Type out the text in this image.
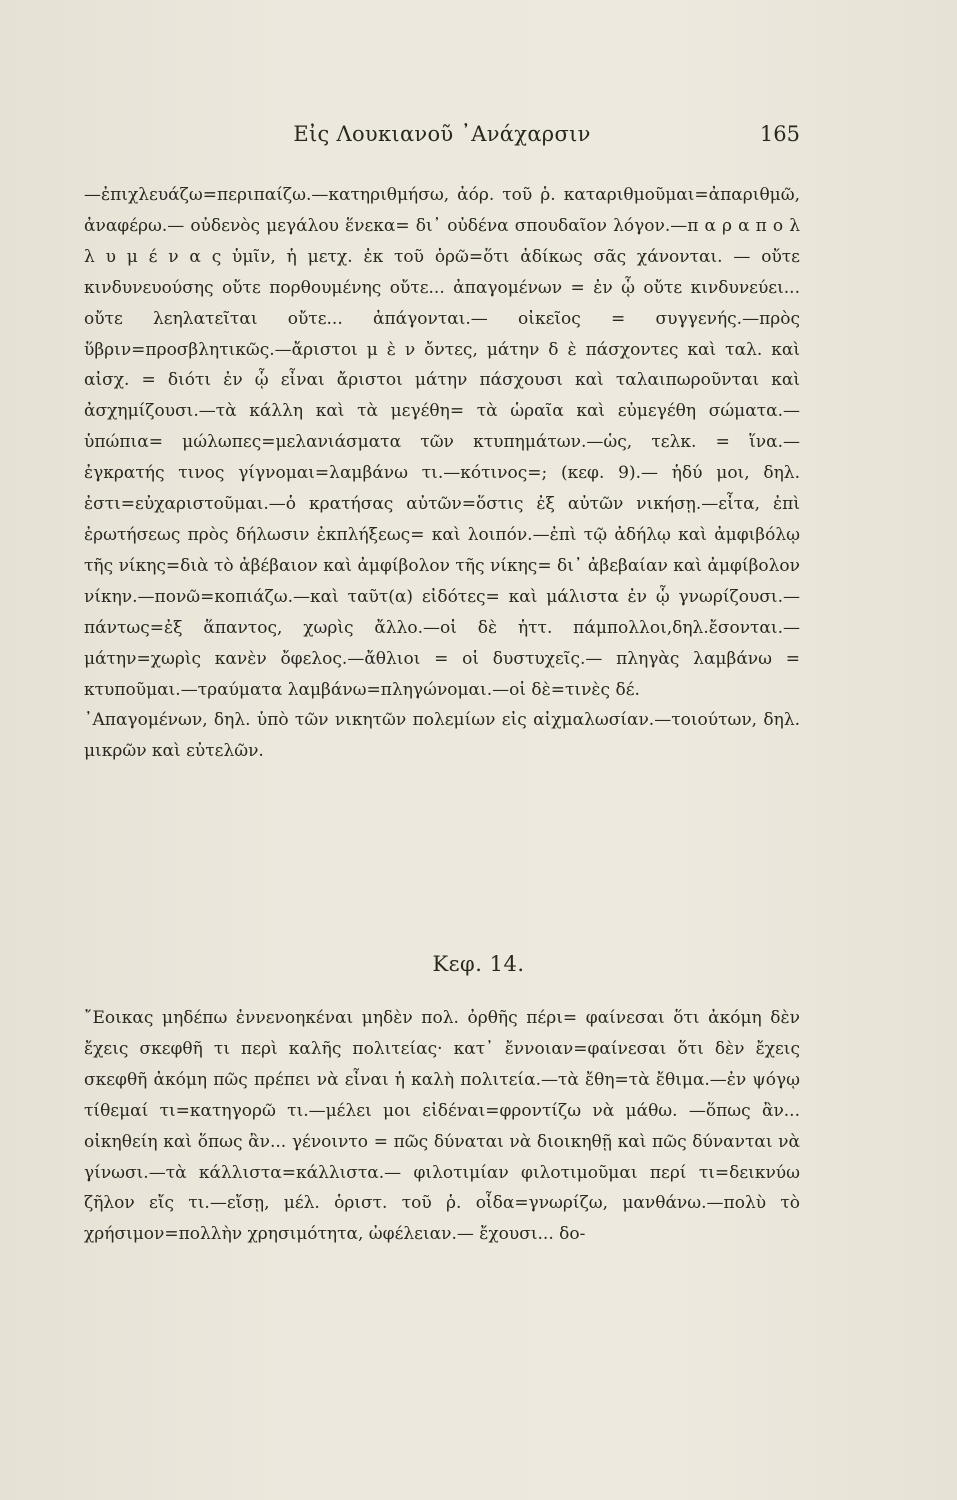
Εἰς Λουκιανοῦ ᾿Ανάχαρσιν	165

—ἐπιχλευάζω=περιπαίζω.—κατηριθμήσω, ἀόρ. τοῦ ῥ. καταριθμοῦμαι=ἀπαριθμῶ, ἀναφέρω.— οὐδενὸς μεγάλου ἕνεκα= δι᾿ οὐδένα σπουδαῖον λόγον.—π α ρ α π ο λ λ υ μ έ ν α ς ὑμῖν, ἡ μετχ. ἐκ τοῦ ὁρῶ=ὅτι ἀδίκως σᾶς χάνονται. — οὔτε κινδυνευούσης οὔτε πορθουμένης οὔτε... ἀπαγομένων = ἐν ᾧ οὔτε κινδυνεύει... οὔτε λεηλατεῖται οὔτε... ἀπάγονται.— οἰκεῖος = συγγενής.—πρὸς ὕβριν=προσβλητικῶς.—ἄριστοι μ ὲ ν ὄντες, μάτην δ ὲ πάσχοντες καὶ ταλ. καὶ αἰσχ. = διότι ἐν ᾧ εἶναι ἄριστοι μάτην πάσχουσι καὶ ταλαιπωροῦνται καὶ ἀσχημίζουσι.—τὰ κάλλη καὶ τὰ μεγέθη= τὰ ὡραῖα καὶ εὐμεγέθη σώματα.—ὑπώπια= μώλωπες=μελανιάσματα τῶν κτυπημάτων.—ὡς, τελκ. = ἵνα.— ἐγκρατής τινος γίγνομαι=λαμβάνω τι.—κότινος=; (κεφ. 9).— ἡδύ μοι, δηλ. ἐστι=εὐχαριστοῦμαι.—ὁ κρατήσας αὐτῶν=ὅστις ἐξ αὐτῶν νικήσῃ.—εἶτα, ἐπὶ ἐρωτήσεως πρὸς δήλωσιν ἐκπλήξεως= καὶ λοιπόν.—ἐπὶ τῷ ἀδήλῳ καὶ ἀμφιβόλῳ τῆς νίκης=διὰ τὸ ἀβέβαιον καὶ ἀμφίβολον τῆς νίκης= δι᾿ ἀβεβαίαν καὶ ἀμφίβολον νίκην.—πονῶ=κοπιάζω.—καὶ ταῦτ(α) εἰδότες= καὶ μάλιστα ἐν ᾧ γνωρίζουσι.—πάντως=ἐξ ἅπαντος, χωρὶς ἄλλο.—οἱ δὲ ἡττ. πάμπολλοι,δηλ.ἔσονται.—μάτην=χωρὶς κανὲν ὄφελος.—ἄθλιοι = οἱ δυστυχεῖς.— πληγὰς λαμβάνω = κτυποῦμαι.—τραύματα λαμβάνω=πληγώνομαι.—οἱ δὲ=τινὲς δέ.

᾿Απαγομένων, δηλ. ὑπὸ τῶν νικητῶν πολεμίων εἰς αἰχμαλωσίαν.—τοιούτων, δηλ. μικρῶν καὶ εὐτελῶν.

Κεφ. 14.

῎Εοικας μηδέπω ἐννενοηκέναι μηδὲν πολ. ὀρθῆς πέρι= φαίνεσαι ὅτι ἀκόμη δὲν ἔχεις σκεφθῆ τι περὶ καλῆς πολιτείας· κατ᾿ ἔννοιαν=φαίνεσαι ὅτι δὲν ἔχεις σκεφθῆ ἀκόμη πῶς πρέπει νὰ εἶναι ἡ καλὴ πολιτεία.—τὰ ἔθη=τὰ ἔθιμα.—ἐν ψόγῳ τίθεμαί τι=κατηγορῶ τι.—μέλει μοι εἰδέναι=φροντίζω νὰ μάθω. —ὅπως ἂν... οἰκηθείη καὶ ὅπως ἂν... γένοιντο = πῶς δύναται νὰ διοικηθῇ καὶ πῶς δύνανται νὰ γίνωσι.—τὰ κάλλιστα=κάλλιστα.— φιλοτιμίαν φιλοτιμοῦμαι περί τι=δεικνύω ζῆλον εἴς τι.—εἴσῃ, μέλ. ὁριστ. τοῦ ῥ. οἶδα=γνωρίζω, μανθάνω.—πολὺ τὸ χρήσιμον=πολλὴν χρησιμότητα, ὠφέλειαν.— ἔχουσι... δο-
